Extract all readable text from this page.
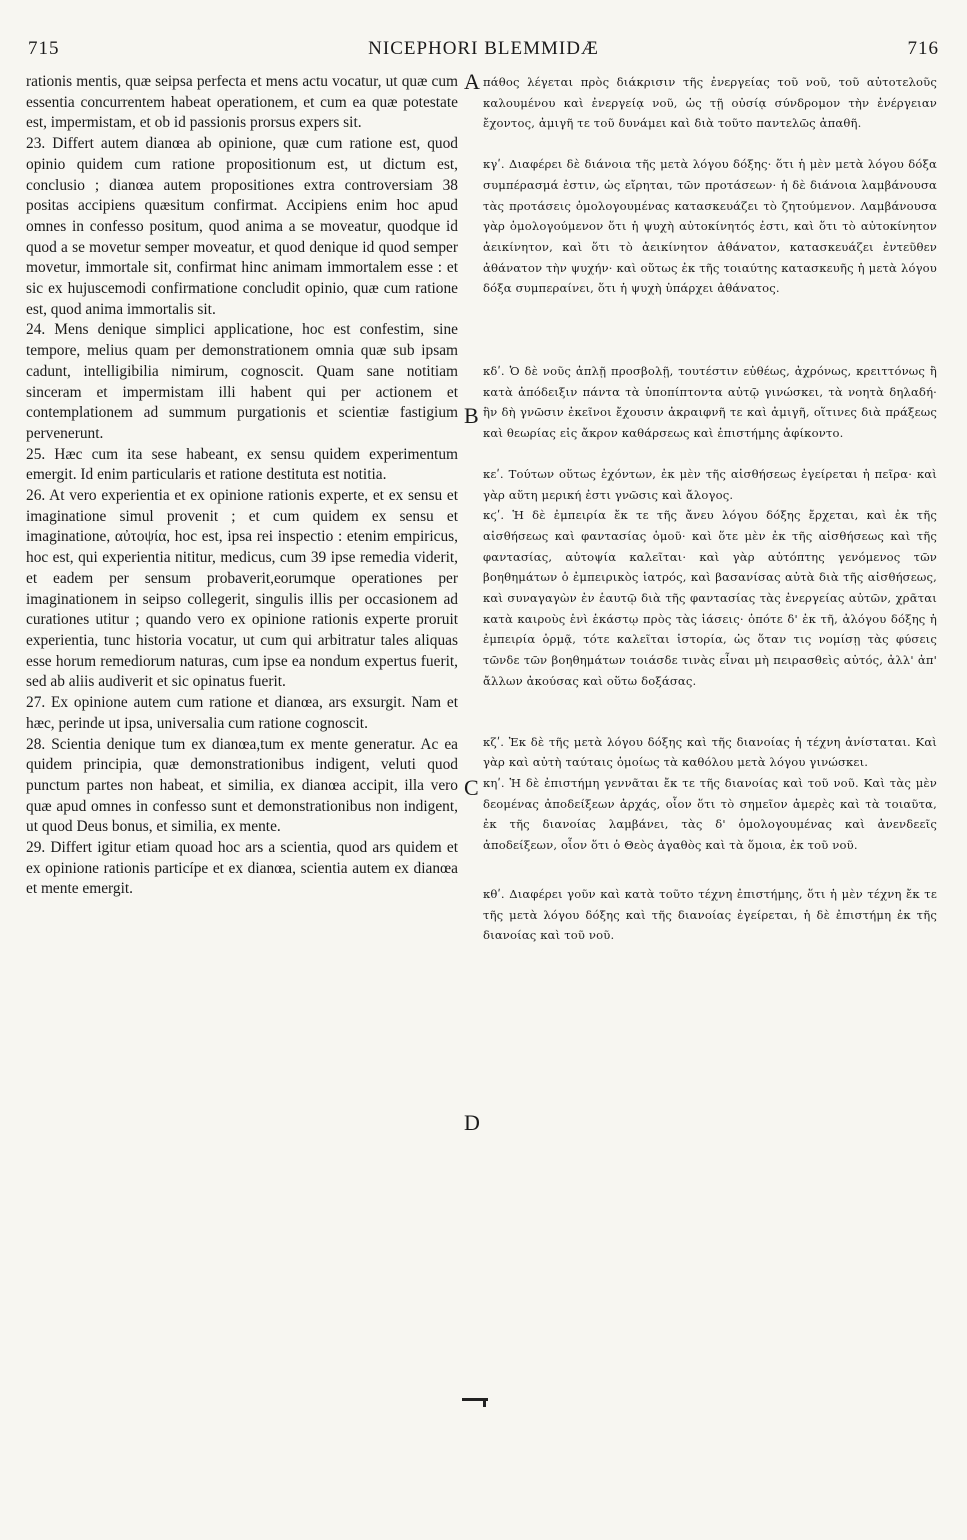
715	NICEPHORI BLEMMIDÆ	716

rationis mentis, quæ seipsa perfecta et mens actu vocatur, ut quæ cum essentia concurrentem habeat operationem, et cum ea quæ potestate est, impermistam, et ob id passionis prorsus expers sit.

23. Differt autem dianœa ab opinione, quæ cum ratione est, quod opinio quidem cum ratione propositionum est, ut dictum est, conclusio ; dianœa autem propositiones extra controversiam 38 positas accipiens quæsitum confirmat. Accipiens enim hoc apud omnes in confesso positum, quod anima a se moveatur, quodque id quod a se movetur semper moveatur, et quod denique id quod semper movetur, immortale sit, confirmat hinc animam immortalem esse : et sic ex hujuscemodi confirmatione concludit opinio, quæ cum ratione est, quod anima immortalis sit.

24. Mens denique simplici applicatione, hoc est confestim, sine tempore, melius quam per demonstrationem omnia quæ sub ipsam cadunt, intelligibilia nimirum, cognoscit. Quam sane notitiam sinceram et impermistam illi habent qui per actionem et contemplationem ad summum purgationis et scientiæ fastigium pervenerunt.

25. Hæc cum ita sese habeant, ex sensu quidem experimentum emergit. Id enim particularis et ratione destituta est notitia.

26. At vero experientia et ex opinione rationis experte, et ex sensu et imaginatione simul provenit ; et cum quidem ex sensu et imaginatione, αὐτοψία, hoc est, ipsa rei inspectio : etenim empiricus, hoc est, qui experientia nititur, medicus, cum 39 ipse remedia viderit, et eadem per sensum probaverit,eorumque operationes per imaginationem in seipso collegerit, singulis illis per occasionem ad curationes utitur ; quando vero ex opinione rationis experte proruit experientia, tunc historia vocatur, ut cum qui arbitratur tales aliquas esse horum remediorum naturas, cum ipse ea nondum expertus fuerit, sed ab aliis audiverit et sic opinatus fuerit.

27. Ex opinione autem cum ratione et dianœa, ars exsurgit. Nam et hæc, perinde ut ipsa, universalia cum ratione cognoscit.

28. Scientia denique tum ex dianœa,tum ex mente generatur. Ac ea quidem principia, quæ demonstrationibus indigent, veluti quod punctum partes non habeat, et similia, ex dianœa accipit, illa vero quæ apud omnes in confesso sunt et demonstrationibus non indigent, ut quod Deus bonus, et similia, ex mente.

29. Differt igitur etiam quoad hoc ars a scientia, quod ars quidem et ex opinione rationis particípe et ex dianœa, scientia autem ex dianœa et mente emergit.

A
B
C
D

πάθος λέγεται πρὸς διάκρισιν τῆς ἐνεργείας τοῦ νοῦ, τοῦ αὐτοτελοῦς καλουμένου καὶ ἐνεργείᾳ νοῦ, ὡς τῇ οὐσίᾳ σύνδρομον τὴν ἐνέργειαν ἔχοντος, ἀμιγῆ τε τοῦ δυνάμει καὶ διὰ τοῦτο παντελῶς ἀπαθῆ.

κγʹ. Διαφέρει δὲ διάνοια τῆς μετὰ λόγου δόξης· ὅτι ἡ μὲν μετὰ λόγου δόξα συμπέρασμά ἐστιν, ὡς εἴρηται, τῶν προτάσεων· ἡ δὲ διάνοια λαμβάνουσα τὰς προτάσεις ὁμολογουμένας κατασκευάζει τὸ ζητούμενον. Λαμβάνουσα γὰρ ὁμολογούμενον ὅτι ἡ ψυχὴ αὐτοκίνητός ἐστι, καὶ ὅτι τὸ αὐτοκίνητον ἀεικίνητον, καὶ ὅτι τὸ ἀεικίνητον ἀθάνατον, κατασκευάζει ἐντεῦθεν ἀθάνατον τὴν ψυχήν· καὶ οὕτως ἐκ τῆς τοιαύτης κατασκευῆς ἡ μετὰ λόγου δόξα συμπεραίνει, ὅτι ἡ ψυχὴ ὑπάρχει ἀθάνατος.

κδʹ. Ὁ δὲ νοῦς ἁπλῇ προσβολῇ, τουτέστιν εὐθέως, ἀχρόνως, κρειττόνως ἢ κατὰ ἀπόδειξιν πάντα τὰ ὑποπίπτοντα αὐτῷ γινώσκει, τὰ νοητὰ δηλαδή· ἣν δὴ γνῶσιν ἐκεῖνοι ἔχουσιν ἀκραιφνῆ τε καὶ ἀμιγῆ, οἵτινες διὰ πράξεως καὶ θεωρίας εἰς ἄκρον καθάρσεως καὶ ἐπιστήμης ἀφίκοντο.

κεʹ. Τούτων οὕτως ἐχόντων, ἐκ μὲν τῆς αἰσθήσεως ἐγείρεται ἡ πεῖρα· καὶ γὰρ αὕτη μερική ἐστι γνῶσις καὶ ἄλογος.

κϛʹ. Ἡ δὲ ἐμπειρία ἔκ τε τῆς ἄνευ λόγου δόξης ἔρχεται, καὶ ἐκ τῆς αἰσθήσεως καὶ φαντασίας ὁμοῦ· καὶ ὅτε μὲν ἐκ τῆς αἰσθήσεως καὶ τῆς φαντασίας, αὐτοψία καλεῖται· καὶ γὰρ αὐτόπτης γενόμενος τῶν βοηθημάτων ὁ ἐμπειρικὸς ἰατρός, καὶ βασανίσας αὐτὰ διὰ τῆς αἰσθήσεως, καὶ συναγαγὼν ἐν ἑαυτῷ διὰ τῆς φαντασίας τὰς ἐνεργείας αὐτῶν, χρᾶται κατὰ καιροὺς ἑνὶ ἑκάστῳ πρὸς τὰς ἰάσεις· ὁπότε δ' ἐκ τῆ, ἀλόγου δόξης ἡ ἐμπειρία ὁρμᾷ, τότε καλεῖται ἱστορία, ὡς ὅταν τις νομίσῃ τὰς φύσεις τῶνδε τῶν βοηθημάτων τοιάσδε τινὰς εἶναι μὴ πειρασθεὶς αὐτός, ἀλλ' ἀπ' ἄλλων ἀκούσας καὶ οὕτω δοξάσας.

κζʹ. Ἐκ δὲ τῆς μετὰ λόγου δόξης καὶ τῆς διανοίας ἡ τέχνη ἀνίσταται. Καὶ γὰρ καὶ αὐτὴ ταύταις ὁμοίως τὰ καθόλου μετὰ λόγου γινώσκει.

κηʹ. Ἡ δὲ ἐπιστήμη γεννᾶται ἔκ τε τῆς διανοίας καὶ τοῦ νοῦ. Καὶ τὰς μὲν δεομένας ἀποδείξεων ἀρχάς, οἷον ὅτι τὸ σημεῖον ἀμερὲς καὶ τὰ τοιαῦτα, ἐκ τῆς διανοίας λαμβάνει, τὰς δ' ὁμολογουμένας καὶ ἀνενδεεῖς ἀποδείξεων, οἷον ὅτι ὁ Θεὸς ἀγαθὸς καὶ τὰ ὅμοια, ἐκ τοῦ νοῦ.

κθʹ. Διαφέρει γοῦν καὶ κατὰ τοῦτο τέχνη ἐπιστήμης, ὅτι ἡ μὲν τέχνη ἔκ τε τῆς μετὰ λόγου δόξης καὶ τῆς διανοίας ἐγείρεται, ἡ δὲ ἐπιστήμη ἐκ τῆς διανοίας καὶ τοῦ νοῦ.
